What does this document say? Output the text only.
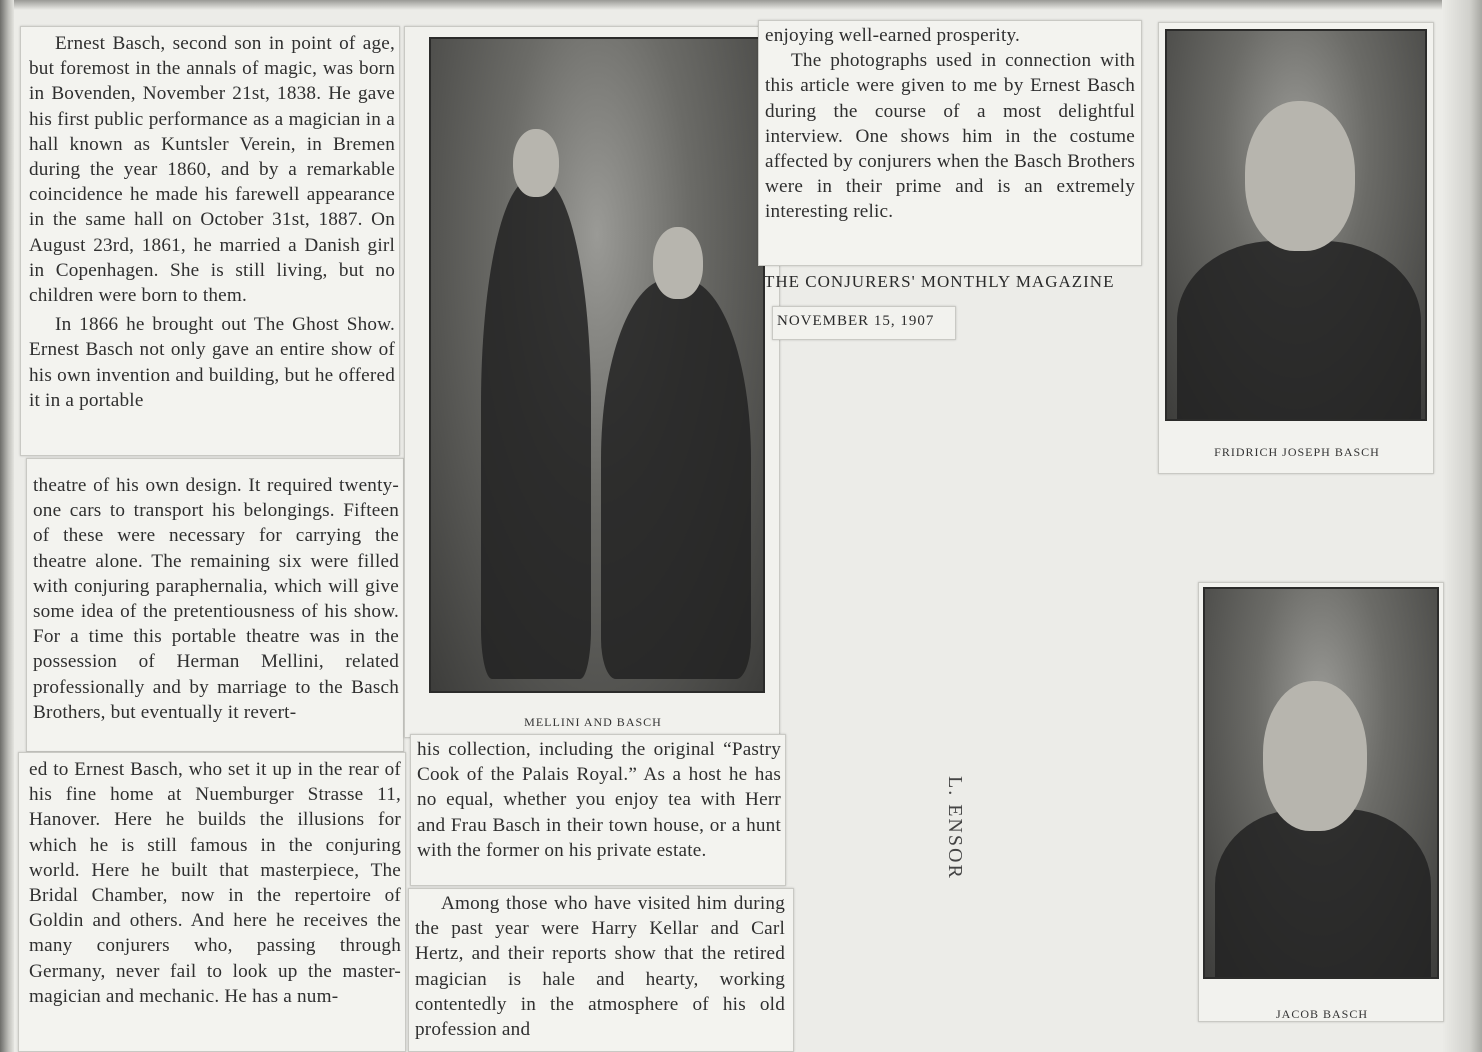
Ernest Basch, second son in point of age, but foremost in the annals of magic, was born in Bovenden, November 21st, 1838. He gave his first public performance as a magician in a hall known as Kuntsler Verein, in Bremen during the year 1860, and by a remarkable coincidence he made his farewell appearance in the same hall on October 31st, 1887. On August 23rd, 1861, he married a Danish girl in Copenhagen. She is still living, but no children were born to them.

In 1866 he brought out The Ghost Show. Ernest Basch not only gave an entire show of his own invention and building, but he offered it in a portable

theatre of his own design. It required twenty-one cars to transport his belongings. Fifteen of these were necessary for carrying the theatre alone. The remaining six were filled with conjuring paraphernalia, which will give some idea of the pretentiousness of his show. For a time this portable theatre was in the possession of Herman Mellini, related professionally and by marriage to the Basch Brothers, but eventually it revert-

ed to Ernest Basch, who set it up in the rear of his fine home at Nuemburger Strasse 11, Hanover. Here he builds the illusions for which he is still famous in the conjuring world. Here he built that masterpiece, The Bridal Chamber, now in the repertoire of Goldin and others. And here he receives the many conjurers who, passing through Germany, never fail to look up the master-magician and mechanic. He has a num-

MELLINI AND BASCH

his collection, including the original “Pastry Cook of the Palais Royal.” As a host he has no equal, whether you enjoy tea with Herr and Frau Basch in their town house, or a hunt with the former on his private estate.

Among those who have visited him during the past year were Harry Kellar and Carl Hertz, and their reports show that the retired magician is hale and hearty, working contentedly in the atmosphere of his old profession and

enjoying well-earned prosperity.

The photographs used in connection with this article were given to me by Ernest Basch during the course of a most delightful interview. One shows him in the costume affected by conjurers when the Basch Brothers were in their prime and is an extremely interesting relic.

THE CONJURERS' MONTHLY MAGAZINE
NOVEMBER 15, 1907
L. ENSOR
FRIDRICH JOSEPH BASCH
JACOB BASCH
